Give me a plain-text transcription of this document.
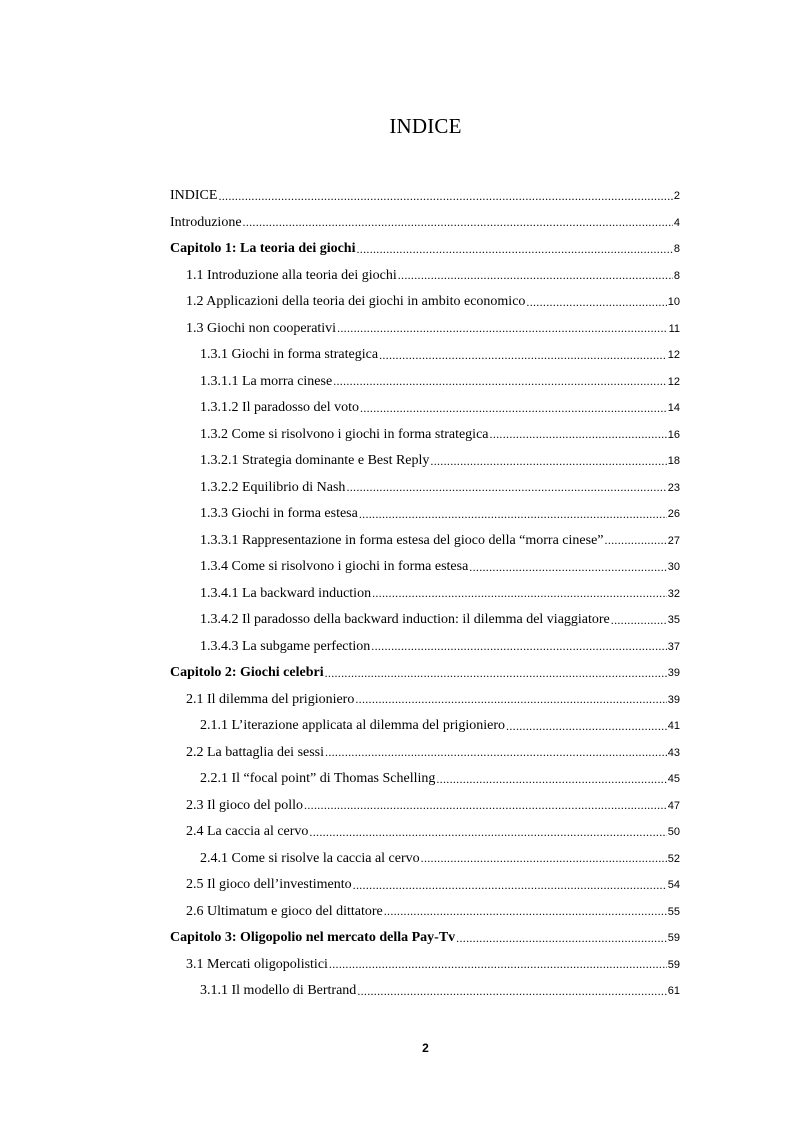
INDICE
INDICE .....	2
Introduzione .....	4
Capitolo 1: La teoria dei giochi .....	8
1.1 Introduzione alla teoria dei giochi .....	8
1.2 Applicazioni della teoria dei giochi in ambito economico .....	10
1.3 Giochi non cooperativi .....	11
1.3.1 Giochi in forma strategica .....	12
1.3.1.1 La morra cinese .....	12
1.3.1.2 Il paradosso del voto .....	14
1.3.2 Come si risolvono i giochi in forma strategica .....	16
1.3.2.1 Strategia dominante e Best Reply .....	18
1.3.2.2 Equilibrio di Nash .....	23
1.3.3 Giochi in forma estesa .....	26
1.3.3.1 Rappresentazione in forma estesa del gioco della “morra cinese” .....	27
1.3.4 Come si risolvono i giochi in forma estesa .....	30
1.3.4.1 La backward induction .....	32
1.3.4.2 Il paradosso della backward induction: il dilemma del viaggiatore .....	35
1.3.4.3 La subgame perfection .....	37
Capitolo 2: Giochi celebri .....	39
2.1 Il dilemma del prigioniero .....	39
2.1.1 L’iterazione applicata al dilemma del prigioniero .....	41
2.2 La battaglia dei sessi .....	43
2.2.1 Il “focal point” di Thomas Schelling .....	45
2.3 Il gioco del pollo .....	47
2.4 La caccia al cervo .....	50
2.4.1 Come si risolve la caccia al cervo .....	52
2.5 Il gioco dell’investimento .....	54
2.6 Ultimatum e gioco del dittatore .....	55
Capitolo 3: Oligopolio nel mercato della Pay-Tv .....	59
3.1 Mercati oligopolistici .....	59
3.1.1 Il modello di Bertrand .....	61
2
